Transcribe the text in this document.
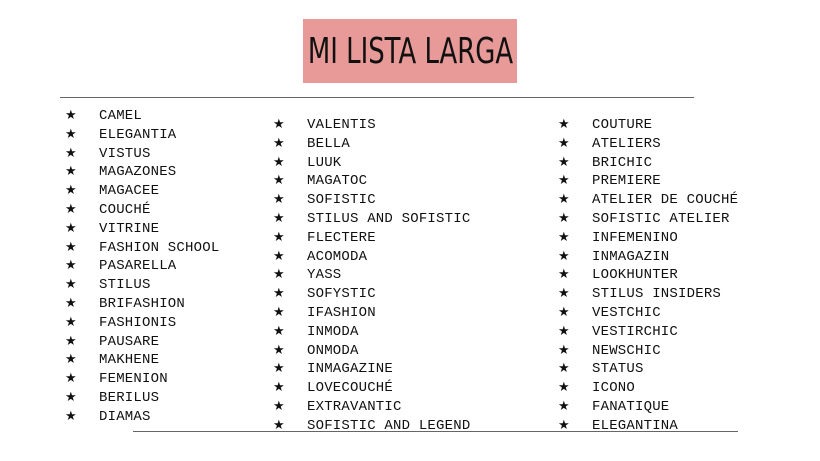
MI LISTA LARGA
★	CAMEL
★	ELEGANTIA
★	VISTUS
★	MAGAZONES
★	MAGACEE
★	COUCHÉ
★	VITRINE
★	FASHION SCHOOL
★	PASARELLA
★	STILUS
★	BRIFASHION
★	FASHIONIS
★	PAUSARE
★	MAKHENE
★	FEMENION
★	BERILUS
★	DIAMAS
★	VALENTIS
★	BELLA
★	LUUK
★	MAGATOC
★	SOFISTIC
★	STILUS AND SOFISTIC
★	FLECTERE
★	ACOMODA
★	YASS
★	SOFYSTIC
★	IFASHION
★	INMODA
★	ONMODA
★	INMAGAZINE
★	LOVECOUCHÉ
★	EXTRAVANTIC
★	SOFISTIC AND LEGEND
★	COUTURE
★	ATELIERS
★	BRICHIC
★	PREMIERE
★	ATELIER DE COUCHÉ
★	SOFISTIC ATELIER
★	INFEMENINO
★	INMAGAZIN
★	LOOKHUNTER
★	STILUS INSIDERS
★	VESTCHIC
★	VESTIRCHIC
★	NEWSCHIC
★	STATUS
★	ICONO
★	FANATIQUE
★	ELEGANTINA
